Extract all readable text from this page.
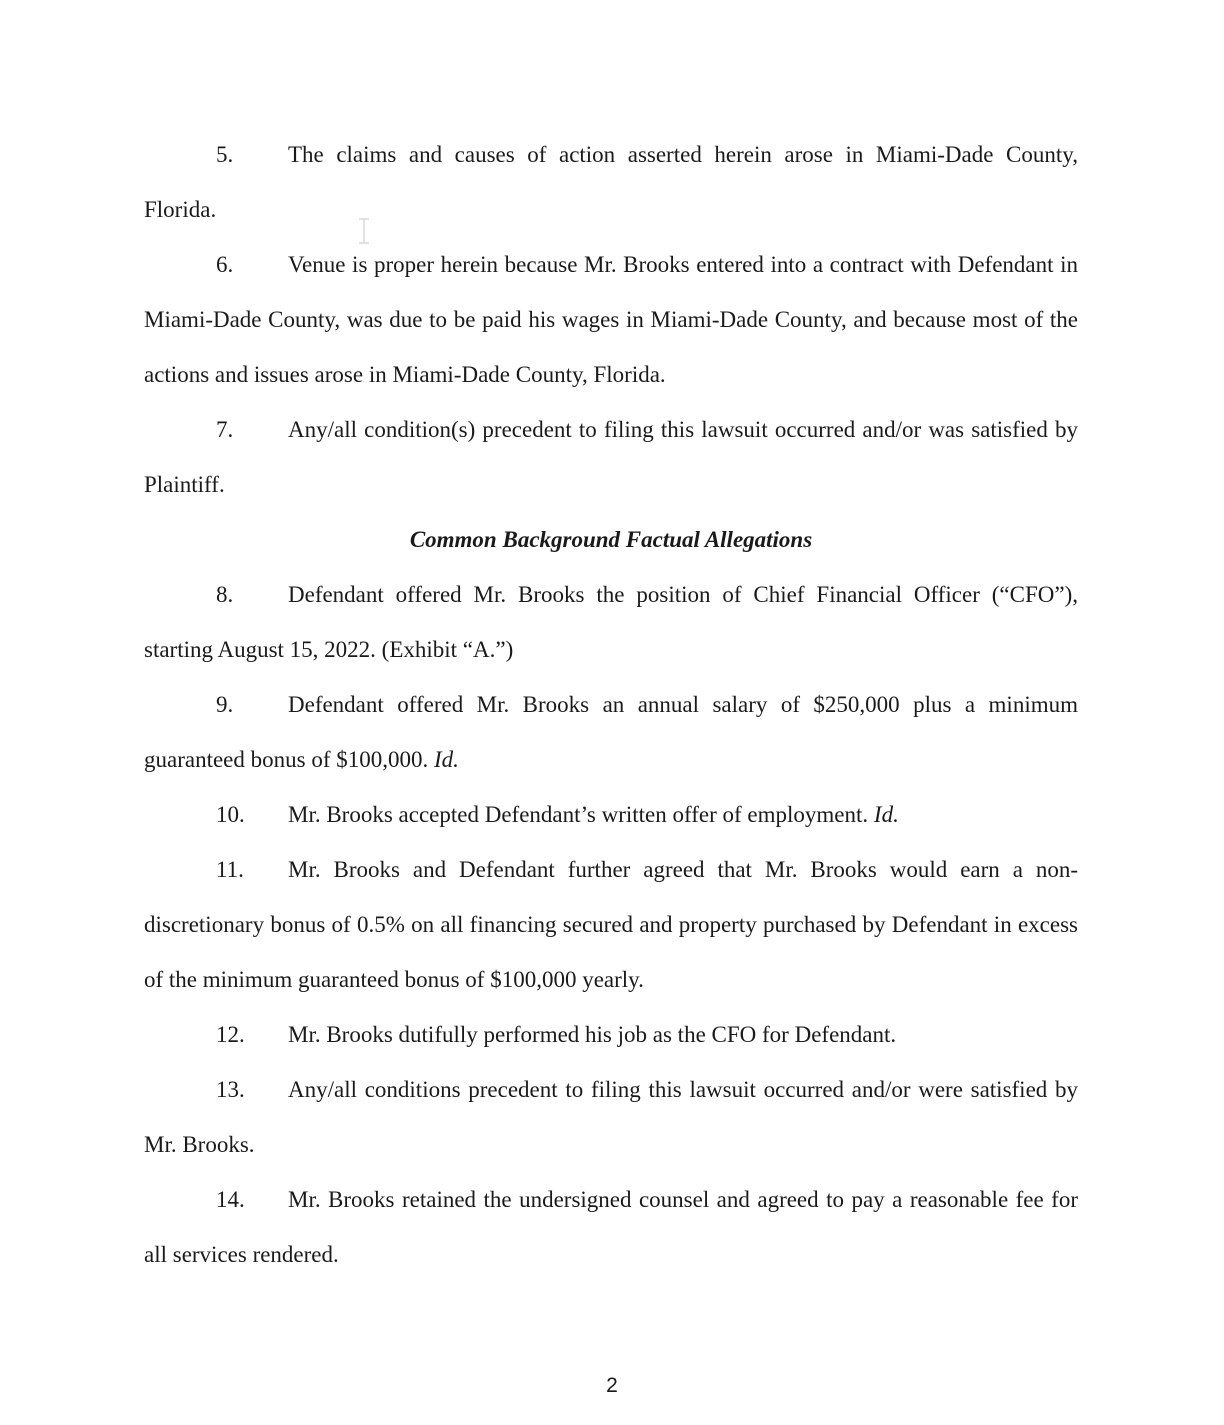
5. The claims and causes of action asserted herein arose in Miami-Dade County, Florida.

6. Venue is proper herein because Mr. Brooks entered into a contract with Defendant in Miami-Dade County, was due to be paid his wages in Miami-Dade County, and because most of the actions and issues arose in Miami-Dade County, Florida.

7. Any/all condition(s) precedent to filing this lawsuit occurred and/or was satisfied by Plaintiff.

Common Background Factual Allegations

8. Defendant offered Mr. Brooks the position of Chief Financial Officer (“CFO”), starting August 15, 2022. (Exhibit “A.”)

9. Defendant offered Mr. Brooks an annual salary of $250,000 plus a minimum guaranteed bonus of $100,000. Id.

10. Mr. Brooks accepted Defendant’s written offer of employment. Id.

11. Mr. Brooks and Defendant further agreed that Mr. Brooks would earn a non-discretionary bonus of 0.5% on all financing secured and property purchased by Defendant in excess of the minimum guaranteed bonus of $100,000 yearly.

12. Mr. Brooks dutifully performed his job as the CFO for Defendant.

13. Any/all conditions precedent to filing this lawsuit occurred and/or were satisfied by Mr. Brooks.

14. Mr. Brooks retained the undersigned counsel and agreed to pay a reasonable fee for all services rendered.

2
